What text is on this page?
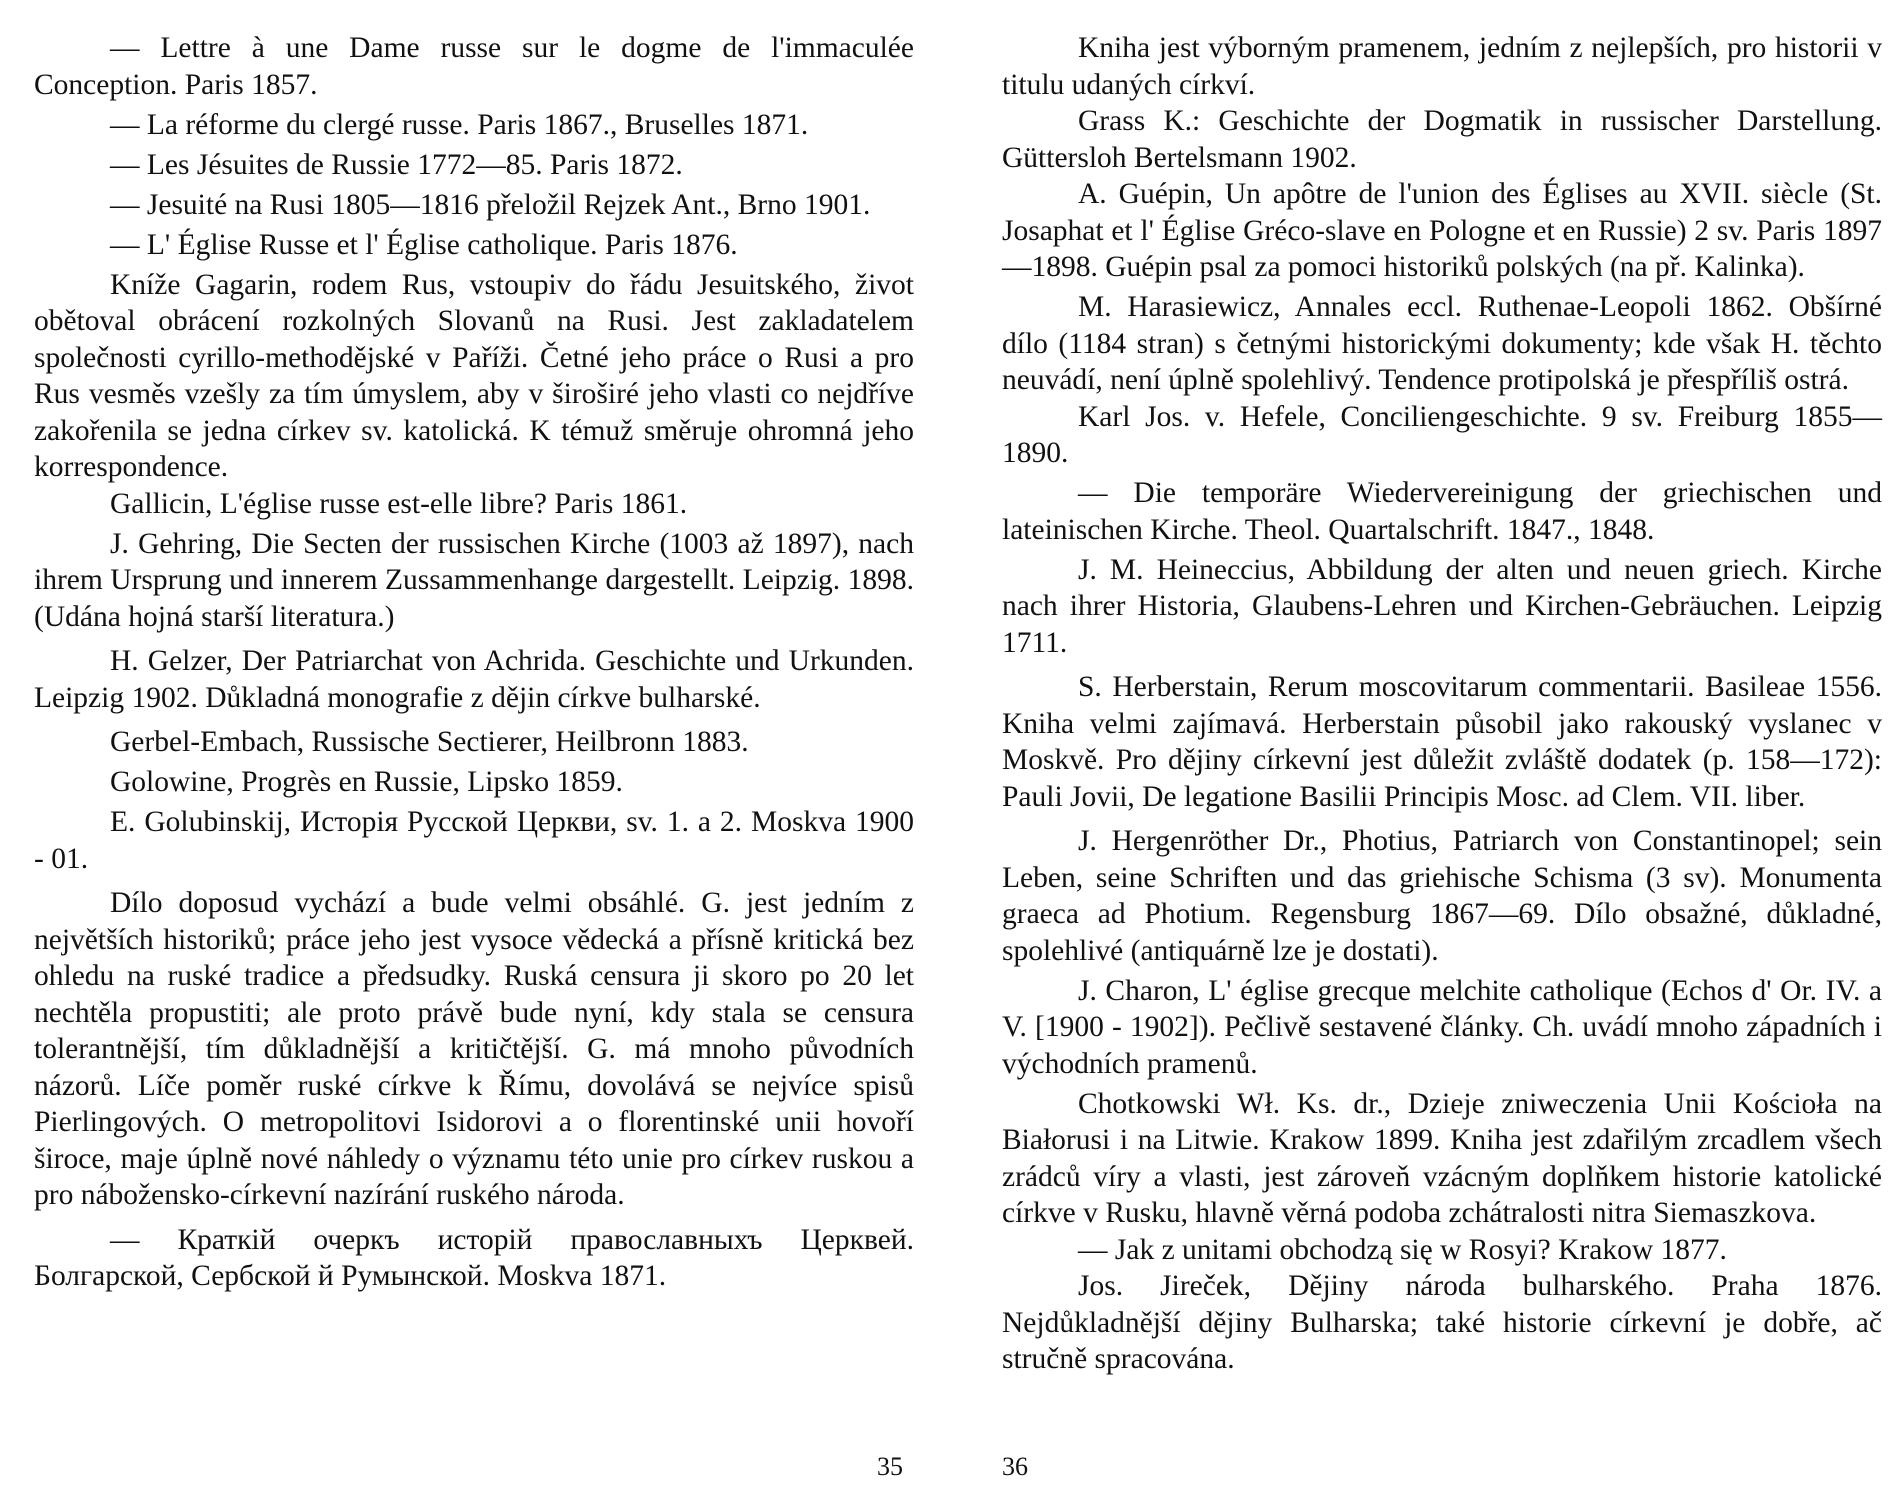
— Lettre à une Dame russe sur le dogme de l'immaculée Conception. Paris 1857.

— La réforme du clergé russe. Paris 1867., Bruselles 1871.

— Les Jésuites de Russie 1772—85. Paris 1872.

— Jesuité na Rusi 1805—1816 přeložil Rejzek Ant., Brno 1901.

— L' Église Russe et l' Église catholique. Paris 1876.

Kníže Gagarin, rodem Rus, vstoupiv do řádu Jesuitského, život obětoval obrácení rozkolných Slovanů na Rusi. Jest zakladatelem společnosti cyrillo-methodějské v Paříži. Četné jeho práce o Rusi a pro Rus vesměs vzešly za tím úmyslem, aby v široširé jeho vlasti co nejdříve zakořenila se jedna církev sv. katolická. K témuž směruje ohromná jeho korrespondence.

Gallicin, L'église russe est-elle libre? Paris 1861.

J. Gehring, Die Secten der russischen Kirche (1003 až 1897), nach ihrem Ursprung und innerem Zussammenhange dargestellt. Leipzig. 1898. (Udána hojná starší literatura.)

H. Gelzer, Der Patriarchat von Achrida. Geschichte und Urkunden. Leipzig 1902. Důkladná monografie z dějin církve bulharské.

Gerbel-Embach, Russische Sectierer, Heilbronn 1883.

Golowine, Progrès en Russie, Lipsko 1859.

E. Golubinskij, Исторія Русской Церкви, sv. 1. a 2. Moskva 1900 - 01.

Dílo doposud vychází a bude velmi obsáhlé. G. jest jedním z největších historiků; práce jeho jest vysoce vědecká a přísně kritická bez ohledu na ruské tradice a předsudky. Ruská censura ji skoro po 20 let nechtěla propustiti; ale proto právě bude nyní, kdy stala se censura tolerantnější, tím důkladnější a kritičtější. G. má mnoho původních názorů. Líče poměr ruské církve k Římu, dovolává se nejvíce spisů Pierlingových. O metropolitovi Isidorovi a o florentinské unii hovoří široce, maje úplně nové náhledy o významu této unie pro církev ruskou a pro nábožensko-církevní nazírání ruského národa.

— Краткій очеркъ исторій православныхъ Церквей. Болгарской, Сербской й Румынской. Moskva 1871.

Kniha jest výborným pramenem, jedním z nejlepších, pro historii v titulu udaných církví.

Grass K.: Geschichte der Dogmatik in russischer Darstellung. Güttersloh Bertelsmann 1902.

A. Guépin, Un apôtre de l'union des Églises au XVII. siècle (St. Josaphat et l' Église Gréco-slave en Pologne et en Russie) 2 sv. Paris 1897—1898. Guépin psal za pomoci historiků polských (na př. Kalinka).

M. Harasiewicz, Annales eccl. Ruthenae-Leopoli 1862. Obšírné dílo (1184 stran) s četnými historickými dokumenty; kde však H. těchto neuvádí, není úplně spolehlivý. Tendence protipolská je přespříliš ostrá.

Karl Jos. v. Hefele, Conciliengeschichte. 9 sv. Freiburg 1855—1890.

— Die temporäre Wiedervereinigung der griechischen und lateinischen Kirche. Theol. Quartalschrift. 1847., 1848.

J. M. Heineccius, Abbildung der alten und neuen griech. Kirche nach ihrer Historia, Glaubens-Lehren und Kirchen-Gebräuchen. Leipzig 1711.

S. Herberstain, Rerum moscovitarum commentarii. Basileae 1556. Kniha velmi zajímavá. Herberstain působil jako rakouský vyslanec v Moskvě. Pro dějiny církevní jest důležit zvláště dodatek (p. 158—172): Pauli Jovii, De legatione Basilii Principis Mosc. ad Clem. VII. liber.

J. Hergenröther Dr., Photius, Patriarch von Constantinopel; sein Leben, seine Schriften und das griehische Schisma (3 sv). Monumenta graeca ad Photium. Regensburg 1867—69. Dílo obsažné, důkladné, spolehlivé (antiquárně lze je dostati).

J. Charon, L' église grecque melchite catholique (Echos d' Or. IV. a V. [1900 - 1902]). Pečlivě sestavené články. Ch. uvádí mnoho západních i východních pramenů.

Chotkowski Wł. Ks. dr., Dzieje zniweczenia Unii Kościoła na Białorusi i na Litwie. Krakow 1899. Kniha jest zdařilým zrcadlem všech zrádců víry a vlasti, jest zároveň vzácným doplňkem historie katolické církve v Rusku, hlavně věrná podoba zchátralosti nitra Siemaszkova.

— Jak z unitami obchodzą się w Rosyi? Krakow 1877.

Jos. Jireček, Dějiny národa bulharského. Praha 1876. Nejdůkladnější dějiny Bulharska; také historie církevní je dobře, ač stručně spracována.

35	36
